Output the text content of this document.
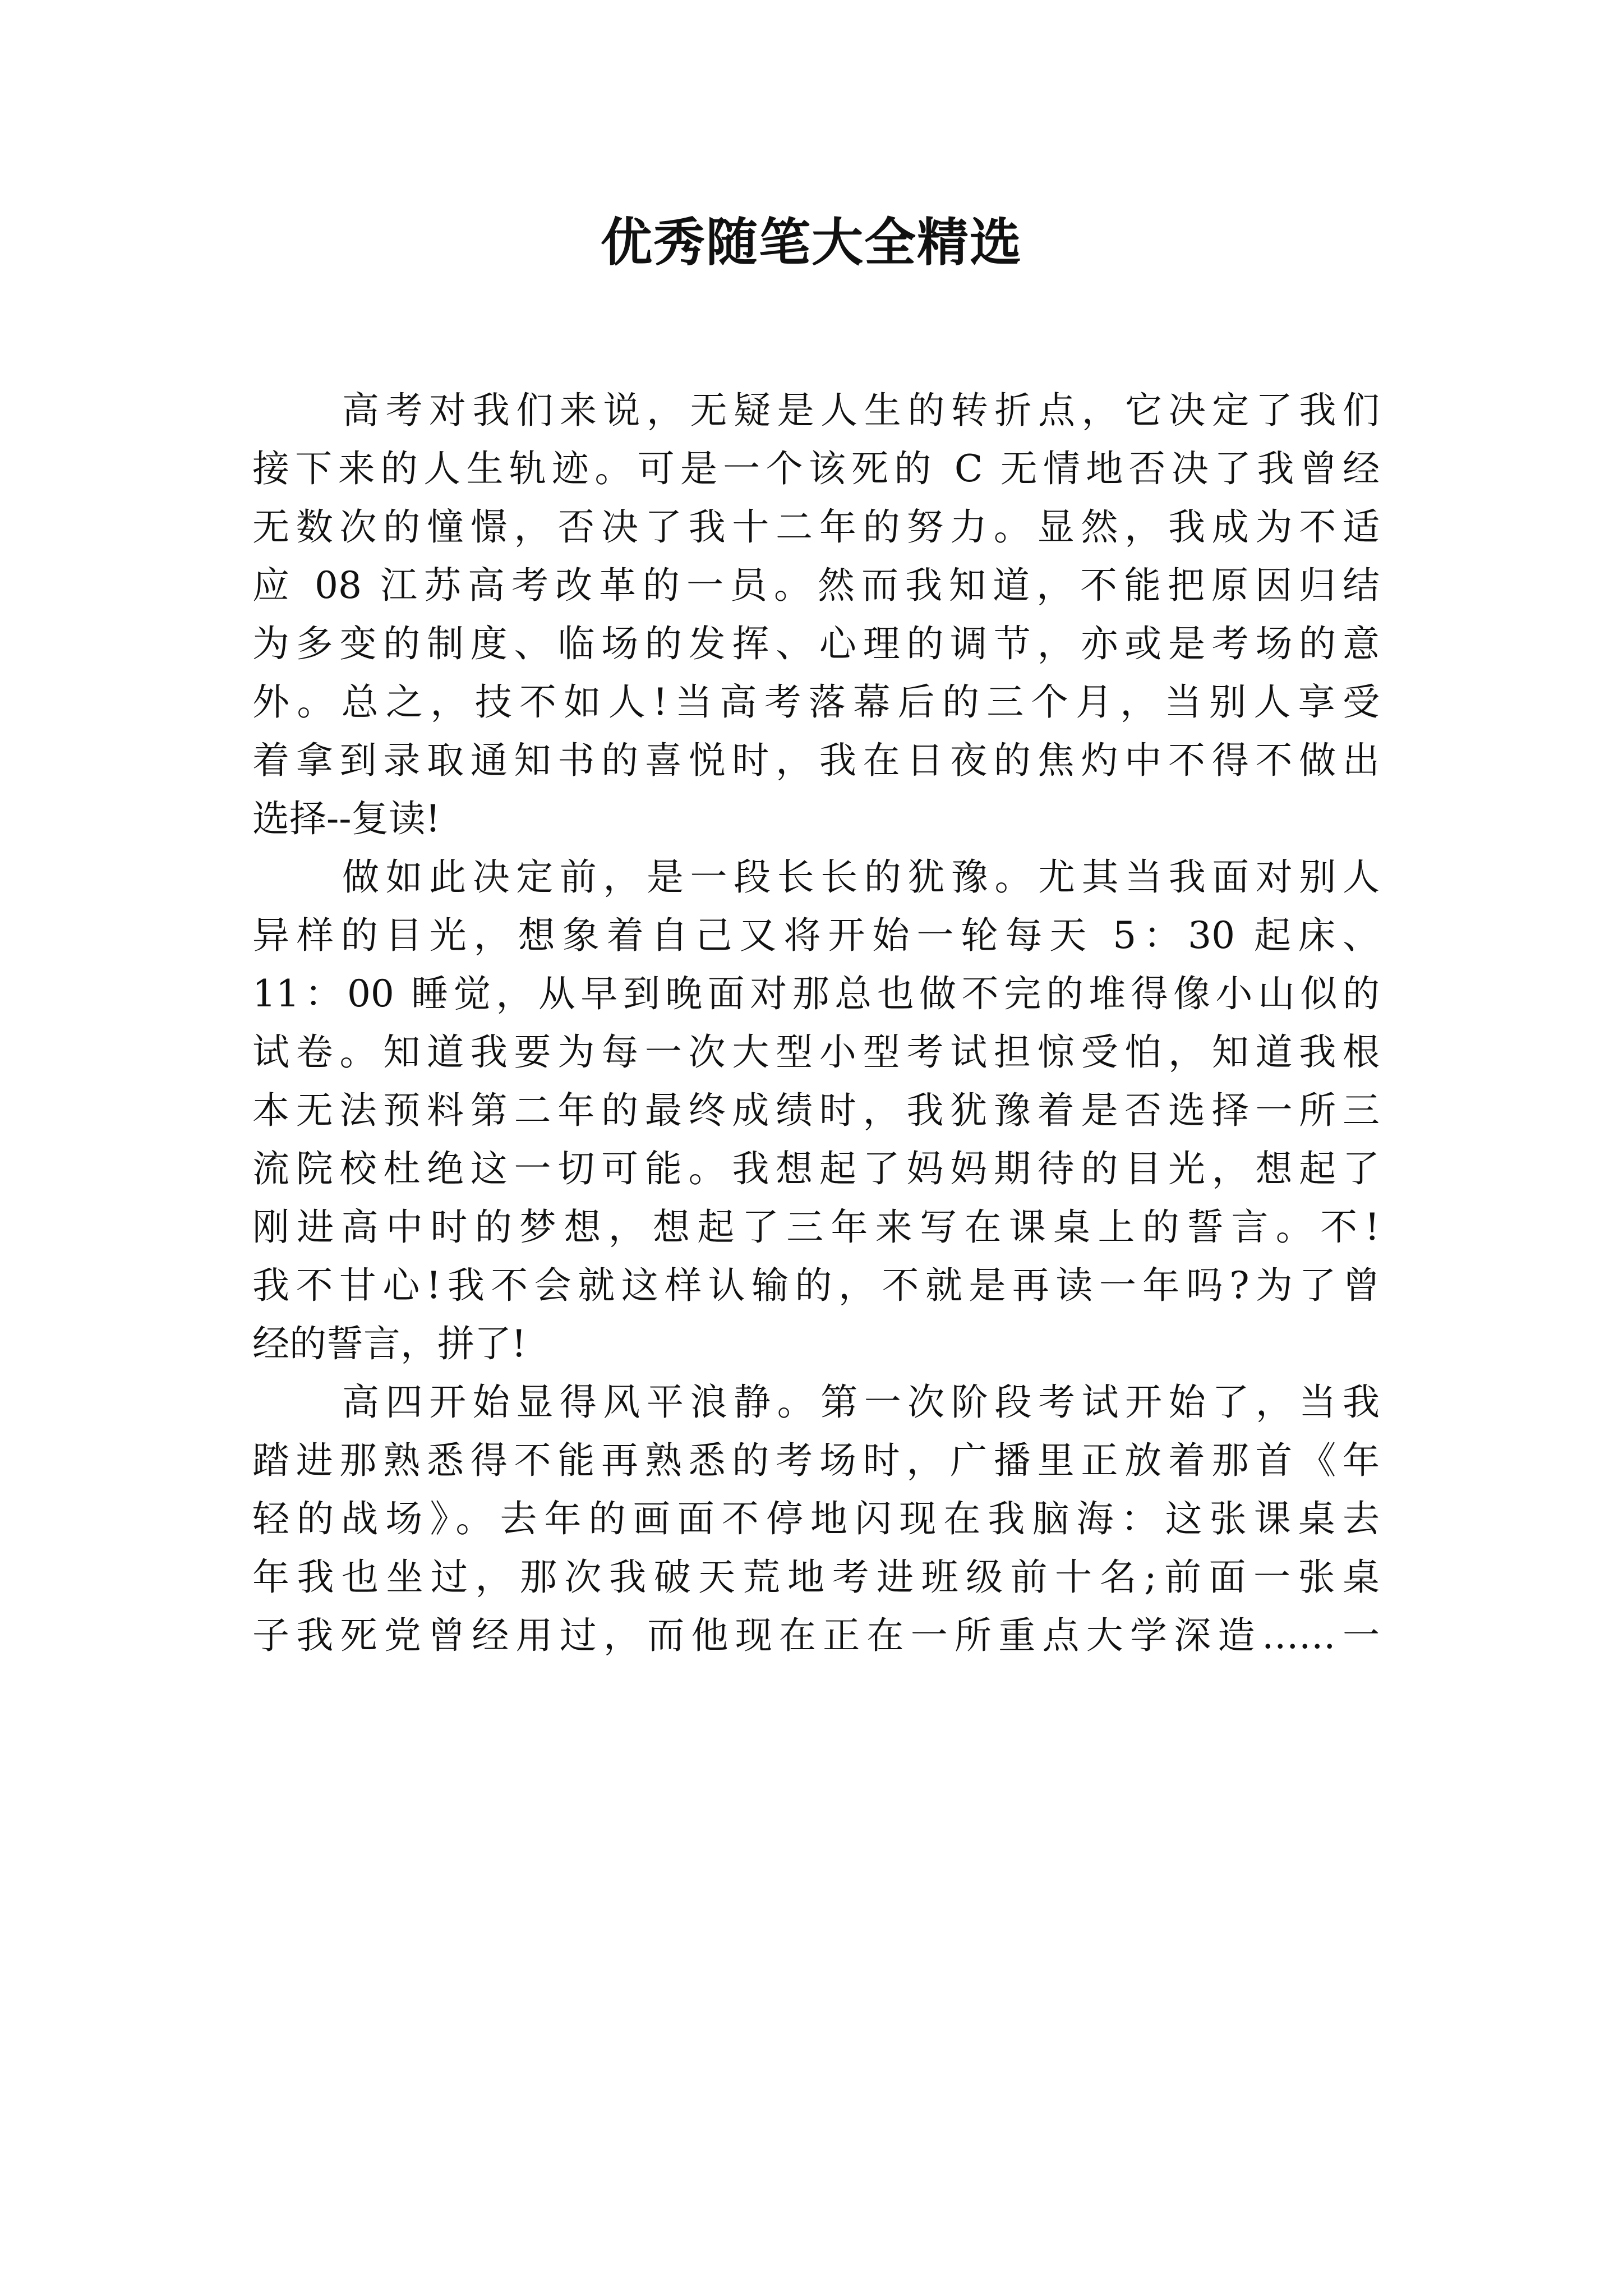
优秀随笔大全精选

高考对我们来说，无疑是人生的转折点，它决定了我们
接下来的人生轨迹。可是一个该死的 C 无情地否决了我曾经
无数次的憧憬，否决了我十二年的努力。显然，我成为不适
应 08 江苏高考改革的一员。然而我知道，不能把原因归结
为多变的制度、临场的发挥、心理的调节，亦或是考场的意
外。总之，技不如人!当高考落幕后的三个月，当别人享受
着拿到录取通知书的喜悦时，我在日夜的焦灼中不得不做出
选择--复读!

做如此决定前，是一段长长的犹豫。尤其当我面对别人
异样的目光，想象着自己又将开始一轮每天 5：30 起床、
11：00 睡觉，从早到晚面对那总也做不完的堆得像小山似的
试卷。知道我要为每一次大型小型考试担惊受怕，知道我根
本无法预料第二年的最终成绩时，我犹豫着是否选择一所三
流院校杜绝这一切可能。我想起了妈妈期待的目光，想起了
刚进高中时的梦想，想起了三年来写在课桌上的誓言。不!
我不甘心!我不会就这样认输的，不就是再读一年吗?为了曾
经的誓言，拼了!

高四开始显得风平浪静。第一次阶段考试开始了，当我
踏进那熟悉得不能再熟悉的考场时，广播里正放着那首《年
轻的战场》。去年的画面不停地闪现在我脑海：这张课桌去
年我也坐过，那次我破天荒地考进班级前十名;前面一张桌
子我死党曾经用过，而他现在正在一所重点大学深造……一
